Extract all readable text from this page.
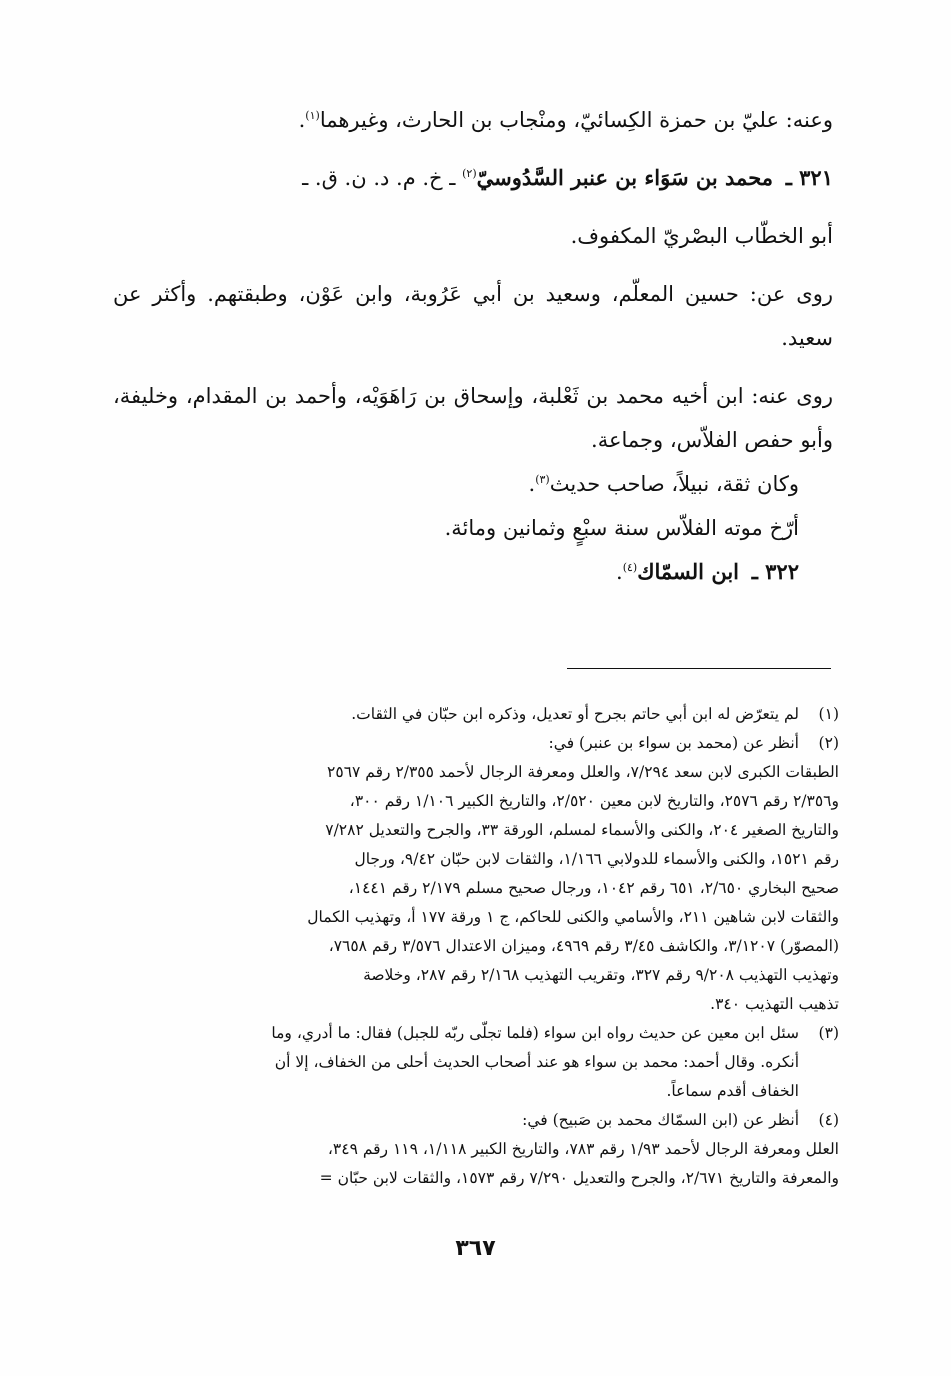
وعنه: عليّ بن حمزة الكِسائيّ، ومنْجاب بن الحارث، وغيرهما$^{(١)}$.

٣٢١ ـ محمد بن سَوَاء بن عنبر السَّدُوسيّ$^{(٢)}$ ـ خ. م. د. ن. ق. ـ

أبو الخطّاب البصْريّ المكفوف.

روى عن: حسين المعلّم، وسعيد بن أبي عَرُوبة، وابن عَوْن، وطبقتهم. وأكثر عن سعيد.

روى عنه: ابن أخيه محمد بن ثَعْلبة، وإسحاق بن رَاهَوَيْه، وأحمد بن المقدام، وخليفة، وأبو حفص الفلاّس، وجماعة.

وكان ثقة، نبيلاً، صاحب حديث$^{(٣)}$.

أرّخ موته الفلاّس سنة سبْعٍ وثمانين ومائة.

٣٢٢ ـ ابن السمّاك$^{(٤)}$.

(١)

لم يتعرّض له ابن أبي حاتم بجرح أو تعديل، وذكره ابن حبّان في الثقات.

(٢)

أنظر عن (محمد بن سواء بن عنبر) في:

الطبقات الكبرى لابن سعد ٧/٢٩٤، والعلل ومعرفة الرجال لأحمد ٢/٣٥٥ رقم ٢٥٦٧

و٢/٣٥٦ رقم ٢٥٧٦، والتاريخ لابن معين ٢/٥٢٠، والتاريخ الكبير ١/١٠٦ رقم ٣٠٠،

والتاريخ الصغير ٢٠٤، والكنى والأسماء لمسلم، الورقة ٣٣، والجرح والتعديل ٧/٢٨٢

رقم ١٥٢١، والكنى والأسماء للدولابي ١/١٦٦، والثقات لابن حبّان ٩/٤٢، ورجال

صحيح البخاري ٢/٦٥٠، ٦٥١ رقم ١٠٤٢، ورجال صحيح مسلم ٢/١٧٩ رقم ١٤٤١،

والثقات لابن شاهين ٢١١، والأسامي والكنى للحاكم، ج ١ ورقة ١٧٧ أ، وتهذيب الكمال

(المصوّر) ٣/١٢٠٧، والكاشف ٣/٤٥ رقم ٤٩٦٩، وميزان الاعتدال ٣/٥٧٦ رقم ٧٦٥٨،

وتهذيب التهذيب ٩/٢٠٨ رقم ٣٢٧، وتقريب التهذيب ٢/١٦٨ رقم ٢٨٧، وخلاصة

تذهيب التهذيب ٣٤٠.

(٣)

سئل ابن معين عن حديث رواه ابن سواء (فلما تجلّى ربّه للجبل) فقال: ما أدري، وما

أنكره. وقال أحمد: محمد بن سواء هو عند أصحاب الحديث أحلى من الخفاف، إلا أن

الخفاف أقدم سماعاً.

(٤)

أنظر عن (ابن السمّاك محمد بن صَبيح) في:

العلل ومعرفة الرجال لأحمد ١/٩٣ رقم ٧٨٣، والتاريخ الكبير ١/١١٨، ١١٩ رقم ٣٤٩،

والمعرفة والتاريخ ٢/٦٧١، والجرح والتعديل ٧/٢٩٠ رقم ١٥٧٣، والثقات لابن حبّان =

٣٦٧
